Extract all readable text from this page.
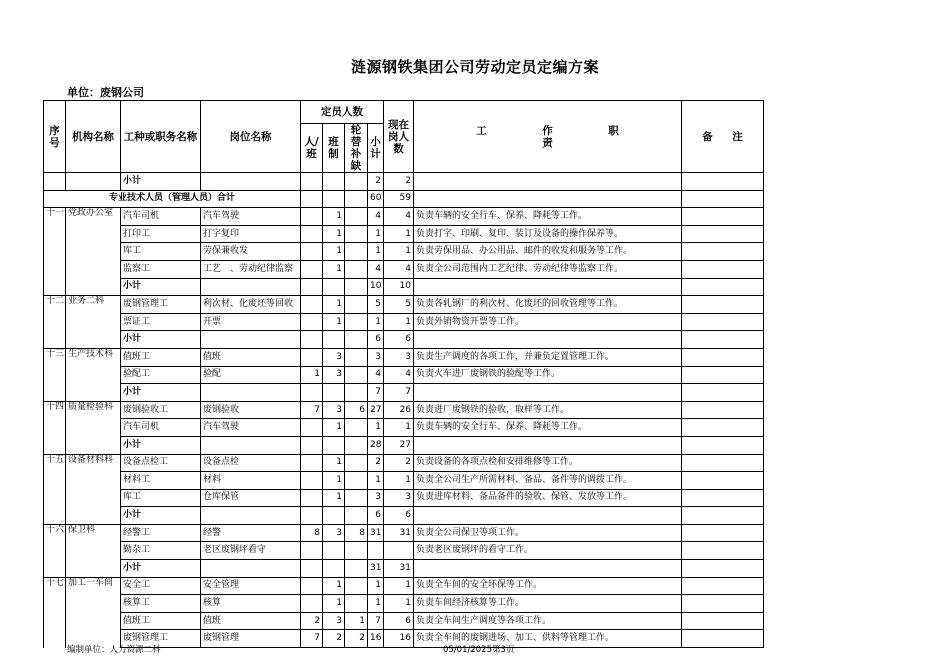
涟源钢铁集团公司劳动定员定编方案
单位：废钢公司
序号	机构名称	工种或职务名称	岗位名称	定员人数				现在岗人数	工 作 职责	备 注
				人/班	班制	轮替补缺	小计			
		小计					2	2		
专业技术人员（管理人员）合计							60	59		
十一	党政办公室	汽车司机	汽车驾驶		1		4	4	负责车辆的安全行车、保养、降耗等工作。	
		打印工	打字复印		1		1	1	负责打字、印刷、复印、装订及设备的操作保养等。	
		库工	劳保兼收发		1		1	1	负责劳保用品、办公用品、邮件的收发和服务等工作。	
		监察工	工艺　、劳动纪律监察		1		4	4	负责全公司范围内工艺纪律、劳动纪律等监察工作。	
		小计					10	10		
十二	业务二科	废钢管理工	利次材、化废坯等回收		1		5	5	负责各轧钢厂的利次材、化废坯的回收管理等工作。	
		票证工	开票		1		1	1	负责外销物资开票等工作。	
		小计					6	6		
十三	生产技术科	值班工	值班		3		3	3	负责生产调度的各项工作，并兼负定置管理工作。	
		验配工	验配	1	3		4	4	负责火车进厂废钢铁的验配等工作。	
		小计					7	7		
十四	质量检验科	废钢验收工	废钢验收	7	3	6	27	26	负责进厂废钢铁的验收，取样等工作。	
		汽车司机	汽车驾驶		1		1	1	负责车辆的安全行车、保养、降耗等工作。	
		小计					28	27		
十五	设备材料科	设备点检工	设备点检		1		2	2	负责设备的各项点检和安排维修等工作。	
		材料工	材料		1		1	1	负责全公司生产所需材料、备品、备件等的调拨工作。	
		库工	仓库保管		1		3	3	负责进库材料、备品备件的验收、保管、发放等工作。	
		小计					6	6		
十六	保卫科	经警工	经警	8	3	8	31	31	负责全公司保卫等项工作。	
		勤杂工	老区废钢坪看守						负责老区废钢坪的看守工作。	
		小计					31	31		
十七	加工一车间	安全工	安全管理		1		1	1	负责全车间的安全环保等工作。	
		核算工	核算		1		1	1	负责车间经济核算等工作。	
		值班工	值班	2	3	1	7	6	负责全车间生产调度等各项工作。	
		废钢管理工	废钢管理	7	2	2	16	16	负责全车间的废钢进场、加工、供料等管理工作。	
编制单位：人力资源二科	05/01/2025第3页
